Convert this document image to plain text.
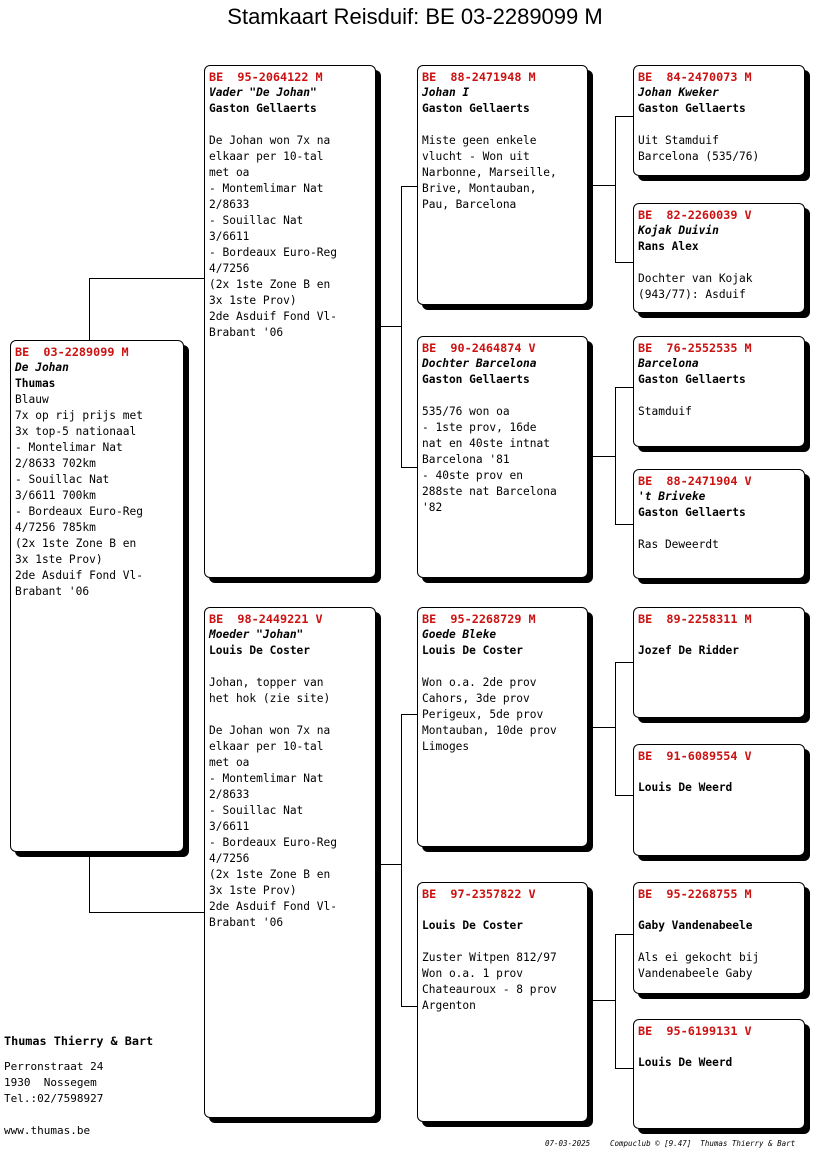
Stamkaart Reisduif: BE 03-2289099 M
BE  03-2289099 M
De Johan
Thumas
Blauw
7x op rij prijs met
3x top-5 nationaal
- Montelimar Nat
2/8633 702km
- Souillac Nat
3/6611 700km
- Bordeaux Euro-Reg
4/7256 785km
(2x 1ste Zone B en
3x 1ste Prov)
2de Asduif Fond Vl-
Brabant '06
BE  95-2064122 M
Vader "De Johan"
Gaston Gellaerts
De Johan won 7x na
elkaar per 10-tal
met oa
- Montemlimar Nat
2/8633
- Souillac Nat
3/6611
- Bordeaux Euro-Reg
4/7256
(2x 1ste Zone B en
3x 1ste Prov)
2de Asduif Fond Vl-
Brabant '06
BE  98-2449221 V
Moeder "Johan"
Louis De Coster
Johan, topper van
het hok (zie site)

De Johan won 7x na
elkaar per 10-tal
met oa
- Montemlimar Nat
2/8633
- Souillac Nat
3/6611
- Bordeaux Euro-Reg
4/7256
(2x 1ste Zone B en
3x 1ste Prov)
2de Asduif Fond Vl-
Brabant '06
BE  88-2471948 M
Johan I
Gaston Gellaerts
Miste geen enkele
vlucht - Won uit
Narbonne, Marseille,
Brive, Montauban,
Pau, Barcelona
BE  90-2464874 V
Dochter Barcelona
Gaston Gellaerts
535/76 won oa
- 1ste prov, 16de
nat en 40ste intnat
Barcelona '81
- 40ste prov en
288ste nat Barcelona
'82
BE  95-2268729 M
Goede Bleke
Louis De Coster
Won o.a. 2de prov
Cahors, 3de prov
Perigeux, 5de prov
Montauban, 10de prov
Limoges
BE  97-2357822 V
Louis De Coster
Zuster Witpen 812/97
Won o.a. 1 prov
Chateauroux - 8 prov
Argenton
BE  84-2470073 M
Johan Kweker
Gaston Gellaerts
Uit Stamduif
Barcelona (535/76)
BE  82-2260039 V
Kojak Duivin
Rans Alex
Dochter van Kojak
(943/77): Asduif
BE  76-2552535 M
Barcelona
Gaston Gellaerts
Stamduif
BE  88-2471904 V
't Briveke
Gaston Gellaerts
Ras Deweerdt
BE  89-2258311 M
Jozef De Ridder
BE  91-6089554 V
Louis De Weerd
BE  95-2268755 M
Gaby Vandenabeele
Als ei gekocht bij
Vandenabeele Gaby
BE  95-6199131 V
Louis De Weerd
Thumas Thierry & Bart
Perronstraat 24
1930  Nossegem
Tel.:02/7598927
www.thumas.be
07-03-2025	Compuclub © [9.47]  Thumas Thierry & Bart
